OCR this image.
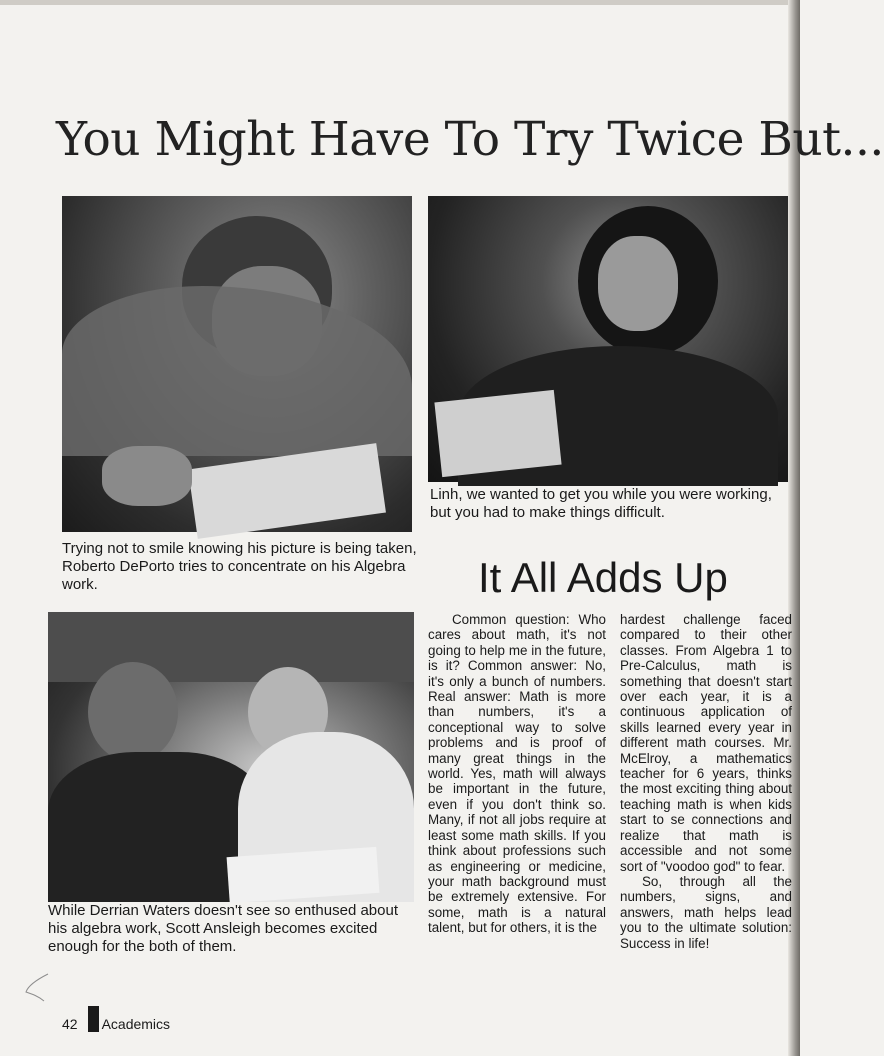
You Might Have To Try Twice But...

Trying not to smile knowing his picture is being taken, Roberto DePorto tries to concentrate on his Algebra work.

Linh, we wanted to get you while you were working, but you had to make things difficult.

It All Adds Up

While Derrian Waters doesn't see so enthused about his algebra work, Scott Ansleigh becomes excited enough for the both of them.

Common question: Who cares about math, it's not going to help me in the future, is it? Common answer: No, it's only a bunch of numbers. Real answer: Math is more than numbers, it's a conceptional way to solve problems and is proof of many great things in the world. Yes, math will always be important in the future, even if you don't think so. Many, if not all jobs require at least some math skills. If you think about professions such as engineering or medicine, your math background must be extremely extensive. For some, math is a natural talent, but for others, it is the

hardest challenge faced compared to their other classes. From Algebra 1 to Pre-Calculus, math is something that doesn't start over each year, it is a continuous application of skills learned every year in different math courses. Mr. McElroy, a mathematics teacher for 6 years, thinks the most exciting thing about teaching math is when kids start to se connections and realize that math is accessible and not some sort of "voodoo god" to fear.
So, through all the numbers, signs, and answers, math helps lead you to the ultimate solution: Success in life!
42 Academics
